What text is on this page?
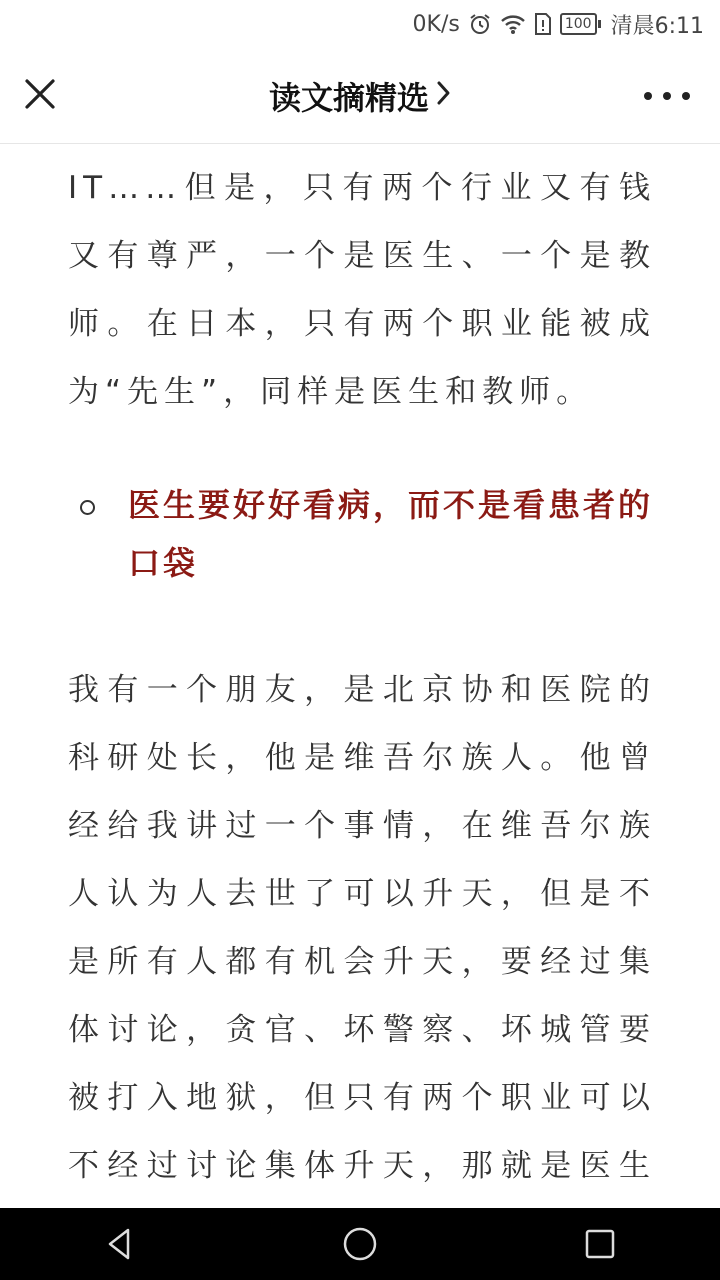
0K/s	100 清晨6:11
读文摘精选

IT……但是，只有两个行业又有钱又有尊严，一个是医生、一个是教师。在日本，只有两个职业能被成为“先生”，同样是医生和教师。

医生要好好看病，而不是看患者的口袋

我有一个朋友，是北京协和医院的科研处长，他是维吾尔族人。他曾经给我讲过一个事情，在维吾尔族人认为人去世了可以升天，但是不是所有人都有机会升天，要经过集体讨论，贪官、坏警察、坏城管要被打入地狱，但只有两个职业可以不经过讨论集体升天，那就是医生
